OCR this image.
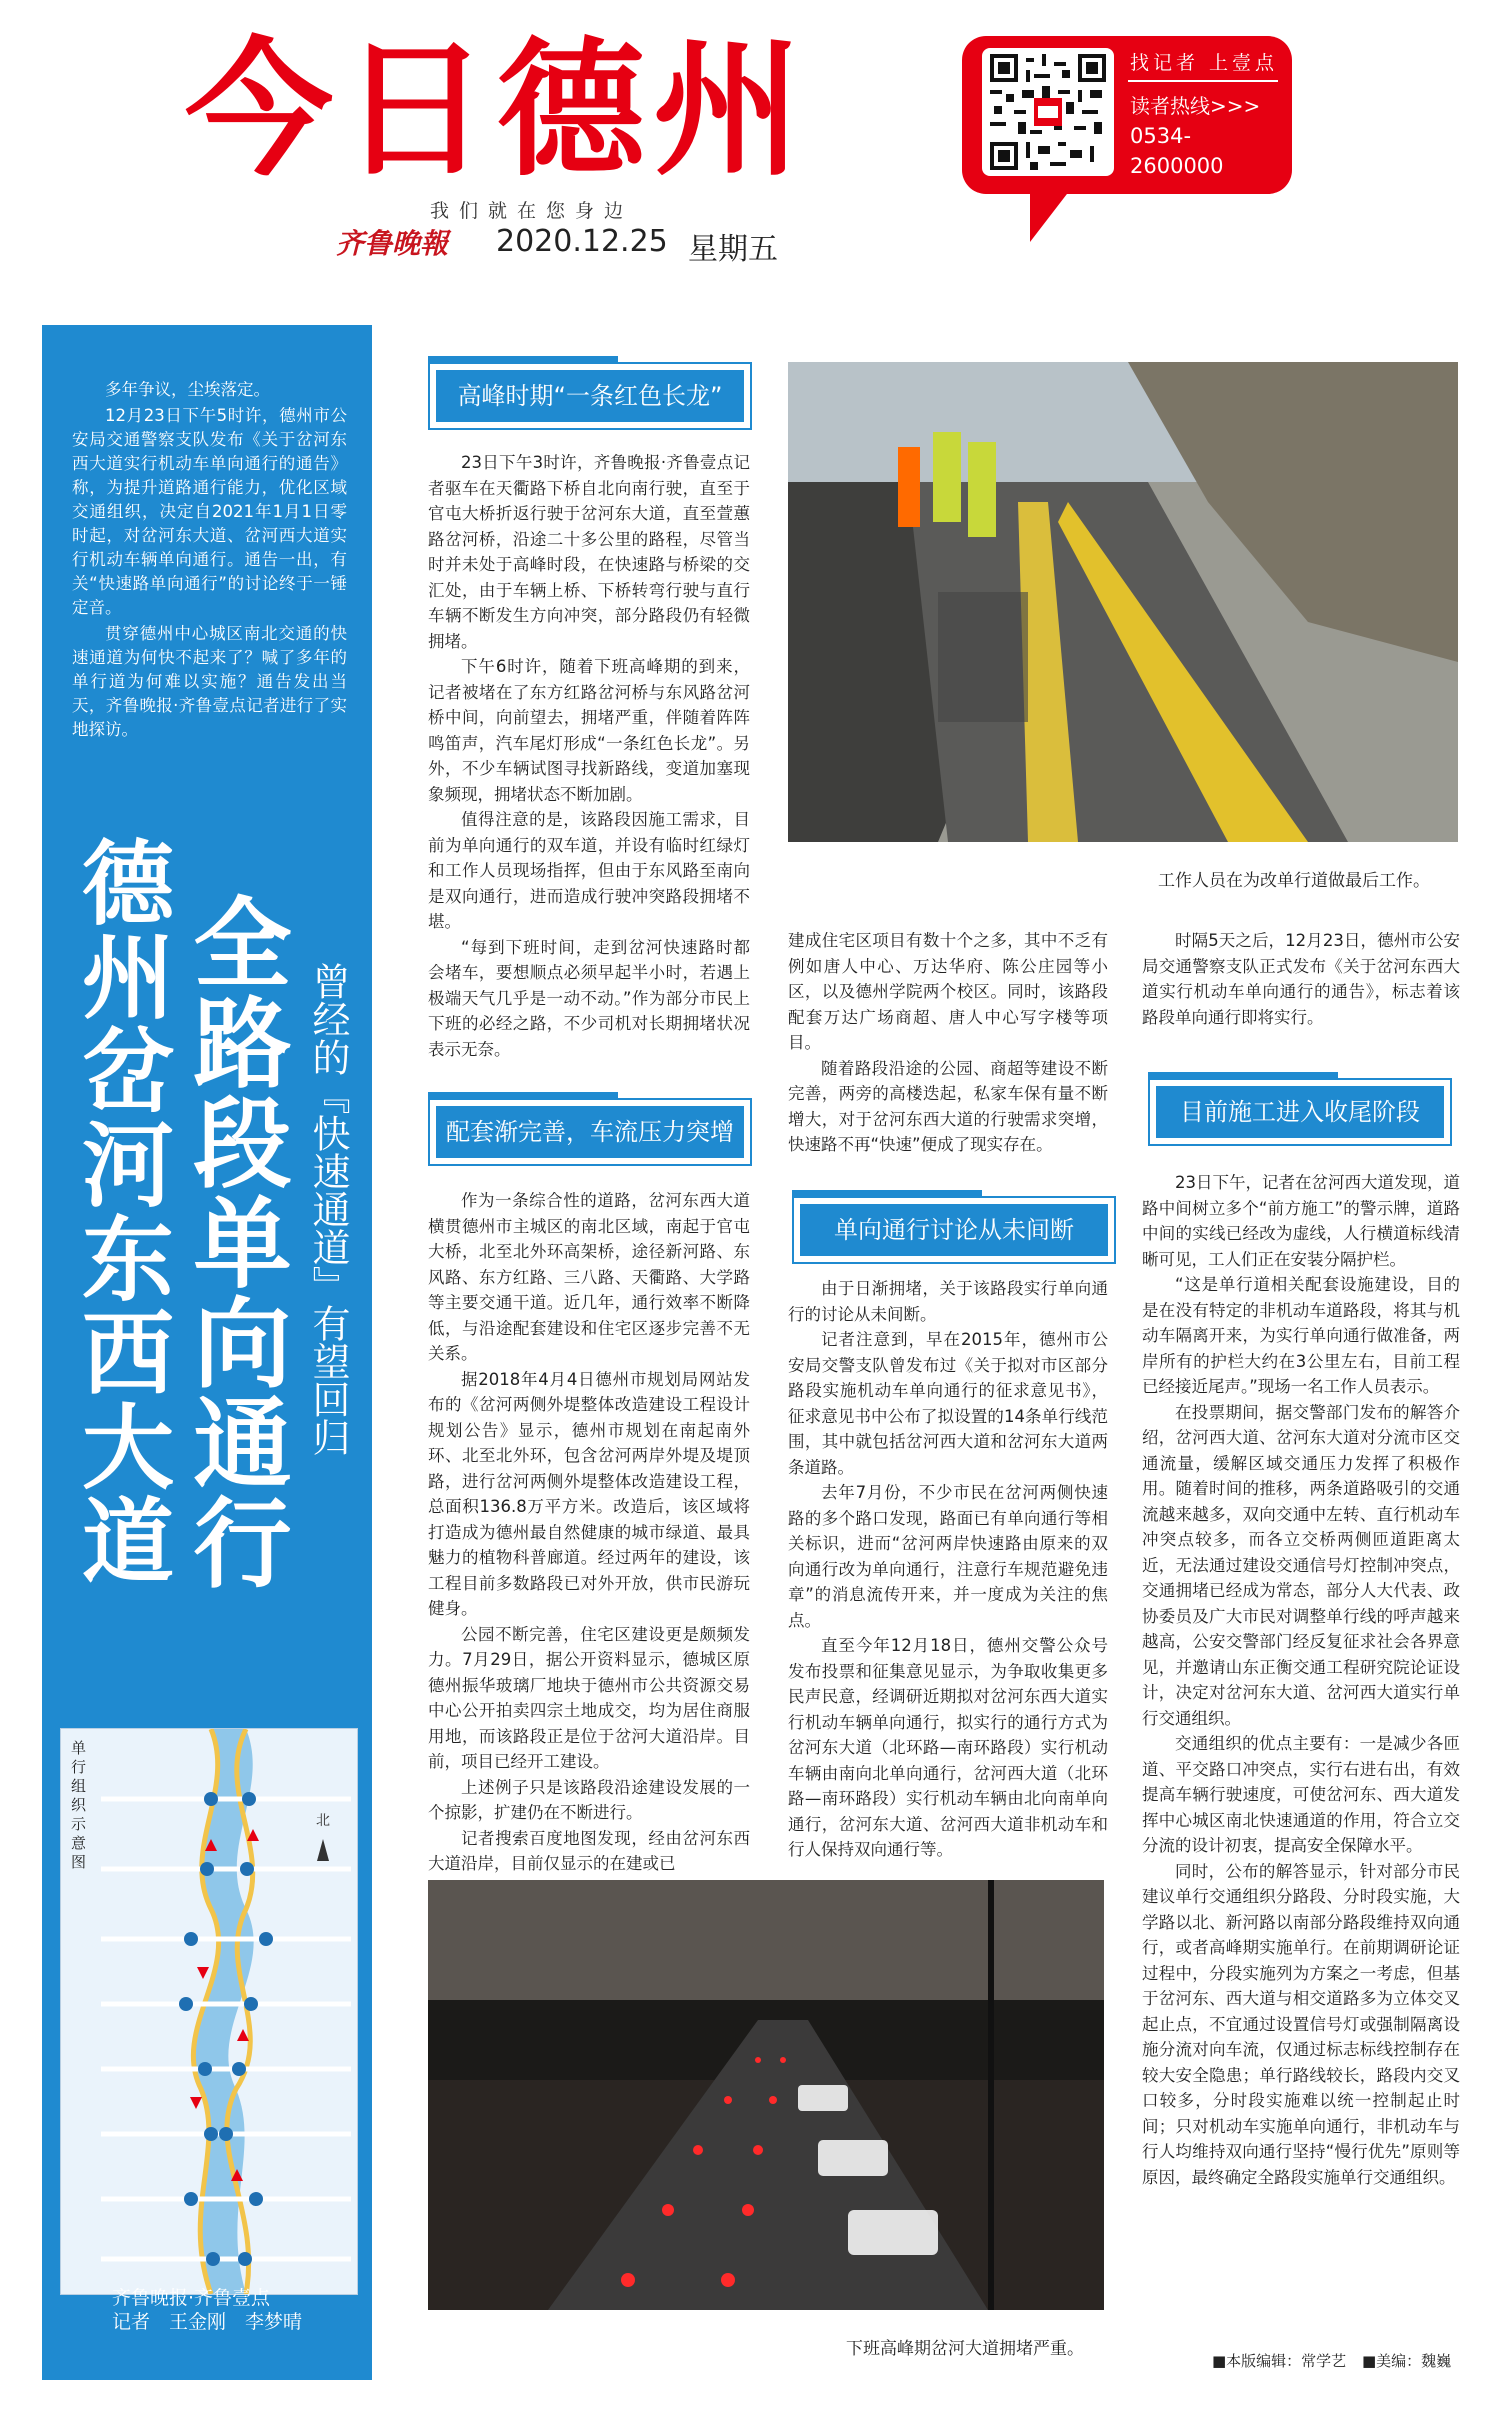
今日德州
我们就在您身边
齐鲁晚報 2020.12.25 星期五
找记者 上壹点
读者热线>>>
0534-
2600000

多年争议，尘埃落定。

12月23日下午5时许，德州市公安局交通警察支队发布《关于岔河东西大道实行机动车单向通行的通告》称，为提升道路通行能力，优化区域交通组织，决定自2021年1月1日零时起，对岔河东大道、岔河西大道实行机动车辆单向通行。通告一出，有关“快速路单向通行”的讨论终于一锤定音。

贯穿德州中心城区南北交通的快速通道为何快不起来了？喊了多年的单行道为何难以实施？通告发出当天，齐鲁晚报·齐鲁壹点记者进行了实地探访。

曾经的『快速通道』有望回归
全路段单向通行
德州岔河东西大道
单行组织示意图	北
齐鲁晚报·齐鲁壹点
记者　王金刚　李梦晴
高峰时期“一条红色长龙”
配套渐完善，车流压力突增
单向通行讨论从未间断
目前施工进入收尾阶段

23日下午3时许，齐鲁晚报·齐鲁壹点记者驱车在天衢路下桥自北向南行驶，直至于官屯大桥折返行驶于岔河东大道，直至萱蕙路岔河桥，沿途二十多公里的路程，尽管当时并未处于高峰时段，在快速路与桥梁的交汇处，由于车辆上桥、下桥转弯行驶与直行车辆不断发生方向冲突，部分路段仍有轻微拥堵。

下午6时许，随着下班高峰期的到来，记者被堵在了东方红路岔河桥与东风路岔河桥中间，向前望去，拥堵严重，伴随着阵阵鸣笛声，汽车尾灯形成“一条红色长龙”。另外，不少车辆试图寻找新路线，变道加塞现象频现，拥堵状态不断加剧。

值得注意的是，该路段因施工需求，目前为单向通行的双车道，并设有临时红绿灯和工作人员现场指挥，但由于东风路至南向是双向通行，进而造成行驶冲突路段拥堵不堪。

“每到下班时间，走到岔河快速路时都会堵车，要想顺点必须早起半小时，若遇上极端天气几乎是一动不动。”作为部分市民上下班的必经之路，不少司机对长期拥堵状况表示无奈。

作为一条综合性的道路，岔河东西大道横贯德州市主城区的南北区域，南起于官屯大桥，北至北外环高架桥，途径新河路、东风路、东方红路、三八路、天衢路、大学路等主要交通干道。近几年，通行效率不断降低，与沿途配套建设和住宅区逐步完善不无关系。

据2018年4月4日德州市规划局网站发布的《岔河两侧外堤整体改造建设工程设计规划公告》显示，德州市规划在南起南外环、北至北外环，包含岔河两岸外堤及堤顶路，进行岔河两侧外堤整体改造建设工程，总面积136.8万平方米。改造后，该区域将打造成为德州最自然健康的城市绿道、最具魅力的植物科普廊道。经过两年的建设，该工程目前多数路段已对外开放，供市民游玩健身。

公园不断完善，住宅区建设更是颇频发力。7月29日，据公开资料显示，德城区原德州振华玻璃厂地块于德州市公共资源交易中心公开拍卖四宗土地成交，均为居住商服用地，而该路段正是位于岔河大道沿岸。目前，项目已经开工建设。

上述例子只是该路段沿途建设发展的一个掠影，扩建仍在不断进行。

记者搜索百度地图发现，经由岔河东西大道沿岸，目前仅显示的在建或已

建成住宅区项目有数十个之多，其中不乏有例如唐人中心、万达华府、陈公庄园等小区，以及德州学院两个校区。同时，该路段配套万达广场商超、唐人中心写字楼等项目。

随着路段沿途的公园、商超等建设不断完善，两旁的高楼迭起，私家车保有量不断增大，对于岔河东西大道的行驶需求突增，快速路不再“快速”便成了现实存在。

由于日渐拥堵，关于该路段实行单向通行的讨论从未间断。

记者注意到，早在2015年，德州市公安局交警支队曾发布过《关于拟对市区部分路段实施机动车单向通行的征求意见书》，征求意见书中公布了拟设置的14条单行线范围，其中就包括岔河西大道和岔河东大道两条道路。

去年7月份，不少市民在岔河两侧快速路的多个路口发现，路面已有单向通行等相关标识，进而“岔河两岸快速路由原来的双向通行改为单向通行，注意行车规范避免违章”的消息流传开来，并一度成为关注的焦点。

直至今年12月18日，德州交警公众号发布投票和征集意见显示，为争取收集更多民声民意，经调研近期拟对岔河东西大道实行机动车辆单向通行，拟实行的通行方式为岔河东大道（北环路—南环路段）实行机动车辆由南向北单向通行，岔河西大道（北环路—南环路段）实行机动车辆由北向南单向通行，岔河东大道、岔河西大道非机动车和行人保持双向通行等。

时隔5天之后，12月23日，德州市公安局交通警察支队正式发布《关于岔河东西大道实行机动车单向通行的通告》，标志着该路段单向通行即将实行。

23日下午，记者在岔河西大道发现，道路中间树立多个“前方施工”的警示牌，道路中间的实线已经改为虚线，人行横道标线清晰可见，工人们正在安装分隔护栏。

“这是单行道相关配套设施建设，目的是在没有特定的非机动车道路段，将其与机动车隔离开来，为实行单向通行做准备，两岸所有的护栏大约在3公里左右，目前工程已经接近尾声。”现场一名工作人员表示。

在投票期间，据交警部门发布的解答介绍，岔河西大道、岔河东大道对分流市区交通流量，缓解区域交通压力发挥了积极作用。随着时间的推移，两条道路吸引的交通流越来越多，双向交通中左转、直行机动车冲突点较多，而各立交桥两侧匝道距离太近，无法通过建设交通信号灯控制冲突点，交通拥堵已经成为常态，部分人大代表、政协委员及广大市民对调整单行线的呼声越来越高，公安交警部门经反复征求社会各界意见，并邀请山东正衡交通工程研究院论证设计，决定对岔河东大道、岔河西大道实行单行交通组织。

交通组织的优点主要有：一是减少各匝道、平交路口冲突点，实行右进右出，有效提高车辆行驶速度，可使岔河东、西大道发挥中心城区南北快速通道的作用，符合立交分流的设计初衷，提高安全保障水平。

同时，公布的解答显示，针对部分市民建议单行交通组织分路段、分时段实施，大学路以北、新河路以南部分路段维持双向通行，或者高峰期实施单行。在前期调研论证过程中，分段实施列为方案之一考虑，但基于岔河东、西大道与相交道路多为立体交叉起止点，不宜通过设置信号灯或强制隔离设施分流对向车流，仅通过标志标线控制存在较大安全隐患；单行路线较长，路段内交叉口较多，分时段实施难以统一控制起止时间；只对机动车实施单向通行，非机动车与行人均维持双向通行坚持“慢行优先”原则等原因，最终确定全路段实施单行交通组织。

工作人员在为改单行道做最后工作。
下班高峰期岔河大道拥堵严重。
■本版编辑：常学艺 ■美编：魏巍
